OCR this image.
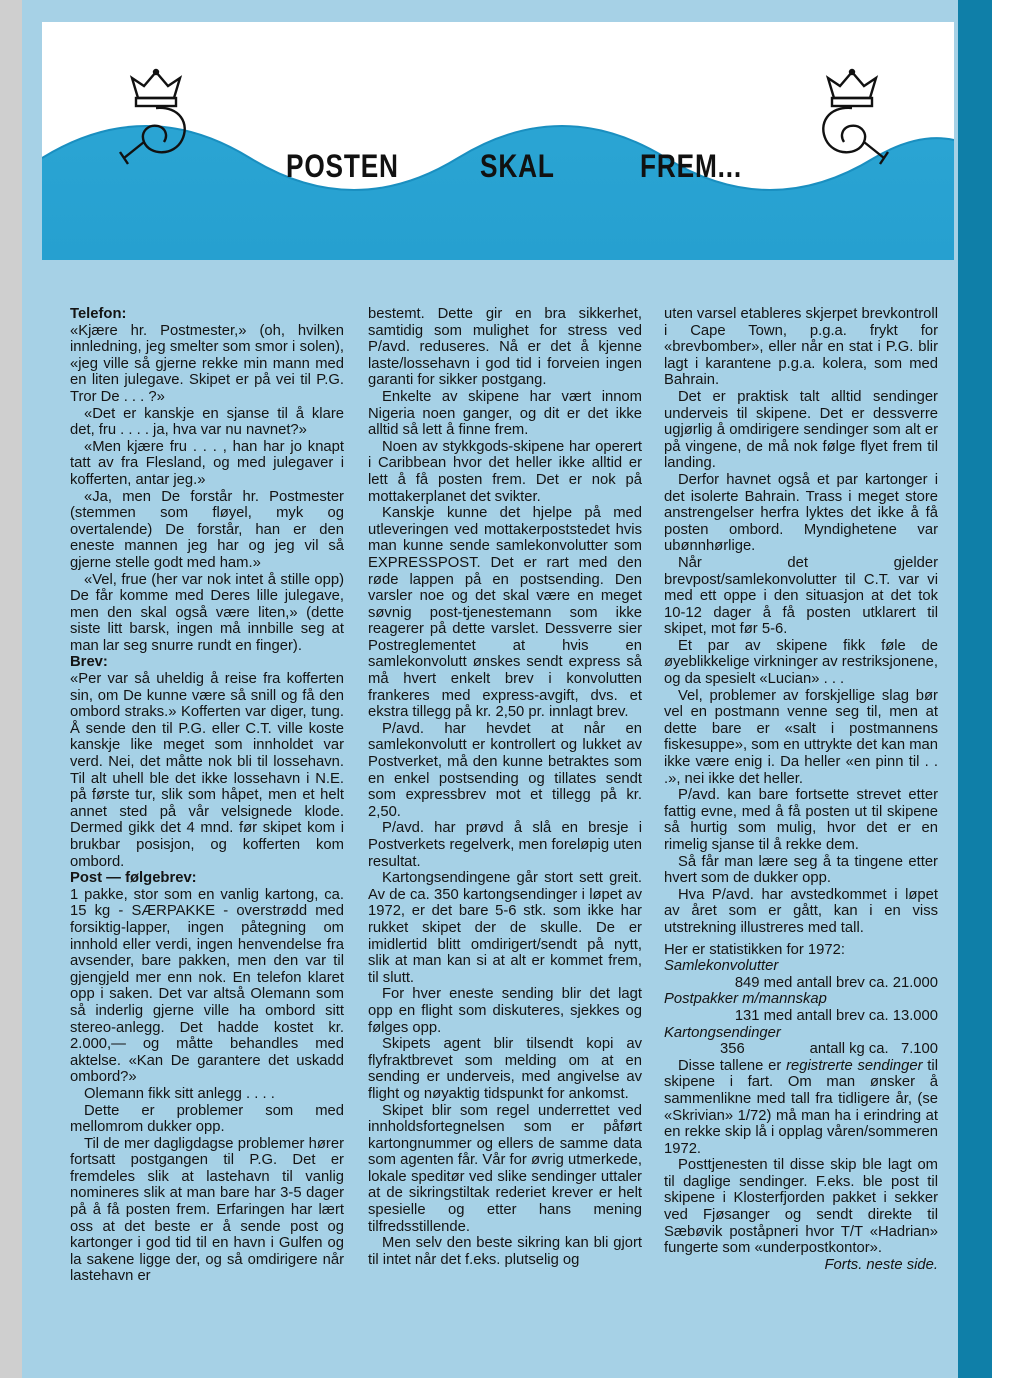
POSTEN	SKAL	FREM...

Telefon:

«Kjære hr. Postmester,» (oh, hvilken innledning, jeg smelter som smor i solen), «jeg ville så gjerne rekke min mann med en liten julegave. Skipet er på vei til P.G. Tror De . . . ?»

«Det er kanskje en sjanse til å klare det, fru . . . . ja, hva var nu navnet?»

«Men kjære fru . . . , han har jo knapt tatt av fra Flesland, og med julegaver i kofferten, antar jeg.»

«Ja, men De forstår hr. Postmester (stemmen som fløyel, myk og overtalende) De forstår, han er den eneste mannen jeg har og jeg vil så gjerne stelle godt med ham.»

«Vel, frue (her var nok intet å stille opp) De får komme med Deres lille julegave, men den skal også være liten,» (dette siste litt barsk, ingen må innbille seg at man lar seg snurre rundt en finger).

Brev:

«Per var så uheldig å reise fra kofferten sin, om De kunne være så snill og få den ombord straks.» Kofferten var diger, tung. Å sende den til P.G. eller C.T. ville koste kanskje like meget som innholdet var verd. Nei, det måtte nok bli til lossehavn. Til alt uhell ble det ikke lossehavn i N.E. på første tur, slik som håpet, men et helt annet sted på vår velsignede klode. Dermed gikk det 4 mnd. før skipet kom i brukbar posisjon, og kofferten kom ombord.

Post — følgebrev:

1 pakke, stor som en vanlig kartong, ca. 15 kg - SÆRPAKKE - overstrødd med forsiktig-lapper, ingen påtegning om innhold eller verdi, ingen henvendelse fra avsender, bare pakken, men den var til gjengjeld mer enn nok. En telefon klaret opp i saken. Det var altså Olemann som så inderlig gjerne ville ha ombord sitt stereo-anlegg. Det hadde kostet kr. 2.000,— og måtte behandles med aktelse. «Kan De garantere det uskadd ombord?»

Olemann fikk sitt anlegg . . . .

Dette er problemer som med mellomrom dukker opp.

Til de mer dagligdagse problemer hører fortsatt postgangen til P.G. Det er fremdeles slik at lastehavn til vanlig nomineres slik at man bare har 3-5 dager på å få posten frem. Erfaringen har lært oss at det beste er å sende post og kartonger i god tid til en havn i Gulfen og la sakene ligge der, og så omdirigere når lastehavn er

bestemt. Dette gir en bra sikkerhet, samtidig som mulighet for stress ved P/avd. reduseres. Nå er det å kjenne laste/lossehavn i god tid i forveien ingen garanti for sikker postgang.

Enkelte av skipene har vært innom Nigeria noen ganger, og dit er det ikke alltid så lett å finne frem.

Noen av stykkgods-skipene har operert i Caribbean hvor det heller ikke alltid er lett å få posten frem. Det er nok på mottakerplanet det svikter.

Kanskje kunne det hjelpe på med utleveringen ved mottakerpoststedet hvis man kunne sende samlekonvolutter som EXPRESSPOST. Det er rart med den røde lappen på en postsending. Den varsler noe og det skal være en meget søvnig post-tjenestemann som ikke reagerer på dette varslet. Dessverre sier Postreglementet at hvis en samlekonvolutt ønskes sendt express så må hvert enkelt brev i konvolutten frankeres med express-avgift, dvs. et ekstra tillegg på kr. 2,50 pr. innlagt brev.

P/avd. har hevdet at når en samlekonvolutt er kontrollert og lukket av Postverket, må den kunne betraktes som en enkel postsending og tillates sendt som expressbrev mot et tillegg på kr. 2,50.

P/avd. har prøvd å slå en bresje i Postverkets regelverk, men foreløpig uten resultat.

Kartongsendingene går stort sett greit. Av de ca. 350 kartongsendinger i løpet av 1972, er det bare 5-6 stk. som ikke har rukket skipet der de skulle. De er imidlertid blitt omdirigert/sendt på nytt, slik at man kan si at alt er kommet frem, til slutt.

For hver eneste sending blir det lagt opp en flight som diskuteres, sjekkes og følges opp.

Skipets agent blir tilsendt kopi av flyfraktbrevet som melding om at en sending er underveis, med angivelse av flight og nøyaktig tidspunkt for ankomst.

Skipet blir som regel underrettet ved innholdsfortegnelsen som er påført kartongnummer og ellers de samme data som agenten får. Vår for øvrig utmerkede, lokale speditør ved slike sendinger uttaler at de sikringstiltak rederiet krever er helt spesielle og etter hans mening tilfredsstillende.

Men selv den beste sikring kan bli gjort til intet når det f.eks. plutselig og

uten varsel etableres skjerpet brevkontroll i Cape Town, p.g.a. frykt for «brevbomber», eller når en stat i P.G. blir lagt i karantene p.g.a. kolera, som med Bahrain.

Det er praktisk talt alltid sendinger underveis til skipene. Det er dessverre ugjørlig å omdirigere sendinger som alt er på vingene, de må nok følge flyet frem til landing.

Derfor havnet også et par kartonger i det isolerte Bahrain. Trass i meget store anstrengelser herfra lyktes det ikke å få posten ombord. Myndighetene var ubønnhørlige.

Når det gjelder brevpost/samlekonvolutter til C.T. var vi med ett oppe i den situasjon at det tok 10-12 dager å få posten utklarert til skipet, mot før 5-6.

Et par av skipene fikk føle de øyeblikkelige virkninger av restriksjonene, og da spesielt «Lucian» . . .

Vel, problemer av forskjellige slag bør vel en postmann venne seg til, men at dette bare er «salt i postmannens fiskesuppe», som en uttrykte det kan man ikke være enig i. Da heller «en pinn til . . .», nei ikke det heller.

P/avd. kan bare fortsette strevet etter fattig evne, med å få posten ut til skipene så hurtig som mulig, hvor det er en rimelig sjanse til å rekke dem.

Så får man lære seg å ta tingene etter hvert som de dukker opp.

Hva P/avd. har avstedkommet i løpet av året som er gått, kan i en viss utstrekning illustreres med tall.

Her er statistikken for 1972:

Samlekonvolutter

849 med antall brev ca. 21.000

Postpakker m/mannskap

131 med antall brev ca. 13.000

Kartongsendinger

356	antall kg ca.   7.100

Disse tallene er registrerte sendinger til skipene i fart. Om man ønsker å sammenlikne med tall fra tidligere år, (se «Skrivian» 1/72) må man ha i erindring at en rekke skip lå i opplag våren/sommeren 1972.

Posttjenesten til disse skip ble lagt om til daglige sendinger. F.eks. ble post til skipene i Klosterfjorden pakket i sekker ved Fjøsanger og sendt direkte til Sæbøvik poståpneri hvor T/T «Hadrian» fungerte som «underpostkontor».

Forts. neste side.
